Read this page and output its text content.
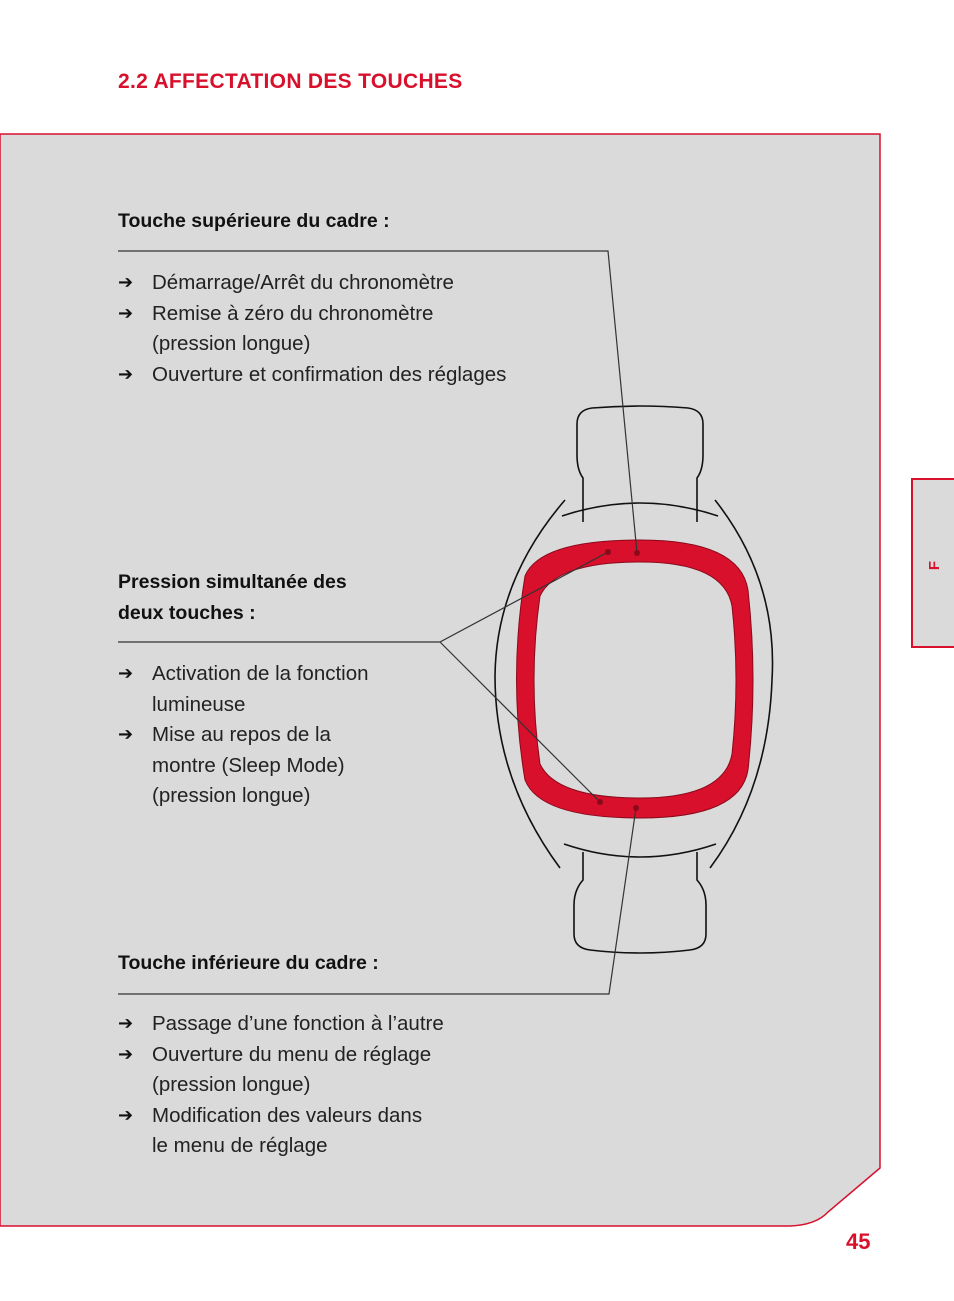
2.2 AFFECTATION DES TOUCHES
Touche supérieure du cadre :
➔ Démarrage/Arrêt du chronomètre
➔ Remise à zéro du chronomètre
(pression longue)
➔ Ouverture et confirmation des réglages
Pression simultanée des
deux touches :
➔ Activation de la fonction
lumineuse
➔ Mise au repos de la
montre (Sleep Mode)
(pression longue)
Touche inférieure du cadre :
➔ Passage d’une fonction à l’autre
➔ Ouverture du menu de réglage
(pression longue)
➔ Modification des valeurs dans
le menu de réglage
F
45
